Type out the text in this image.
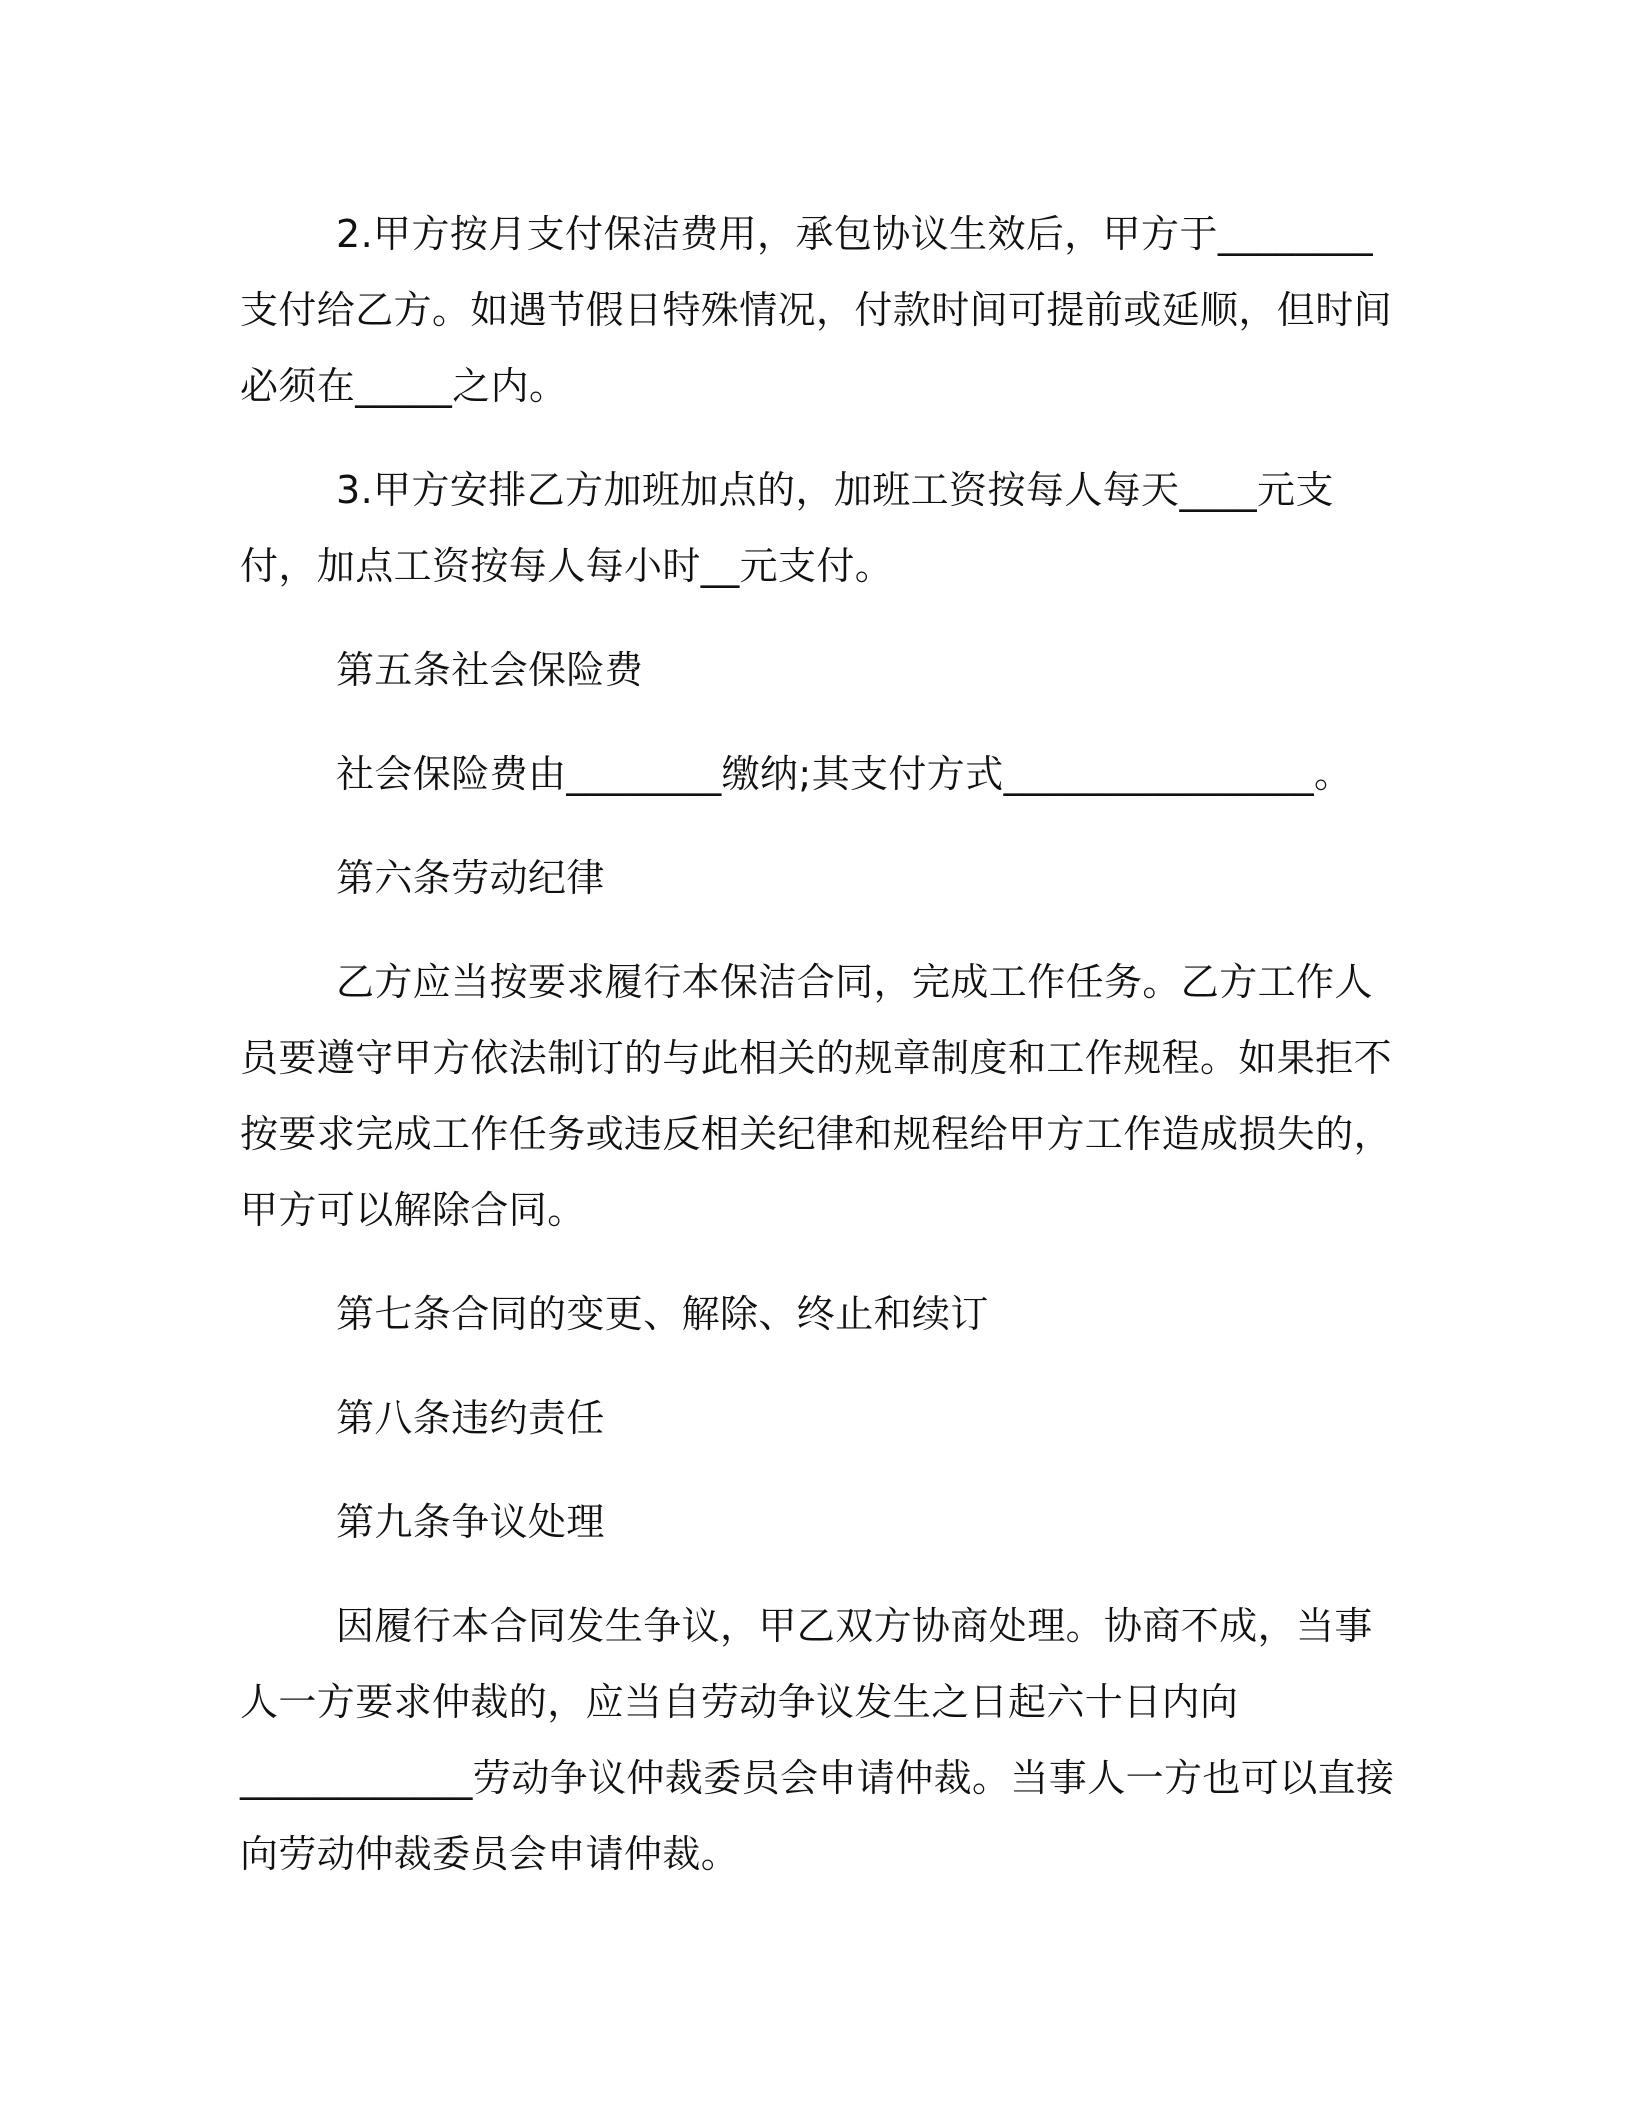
2.甲方按月支付保洁费用，承包协议生效后，甲方于________支付给乙方。如遇节假日特殊情况，付款时间可提前或延顺，但时间必须在_____之内。

3.甲方安排乙方加班加点的，加班工资按每人每天____元支付，加点工资按每人每小时__元支付。

第五条社会保险费

社会保险费由________缴纳;其支付方式________________。

第六条劳动纪律

乙方应当按要求履行本保洁合同，完成工作任务。乙方工作人员要遵守甲方依法制订的与此相关的规章制度和工作规程。如果拒不按要求完成工作任务或违反相关纪律和规程给甲方工作造成损失的，甲方可以解除合同。

第七条合同的变更、解除、终止和续订

第八条违约责任

第九条争议处理

因履行本合同发生争议，甲乙双方协商处理。协商不成，当事人一方要求仲裁的，应当自劳动争议发生之日起六十日内向____________劳动争议仲裁委员会申请仲裁。当事人一方也可以直接向劳动仲裁委员会申请仲裁。
